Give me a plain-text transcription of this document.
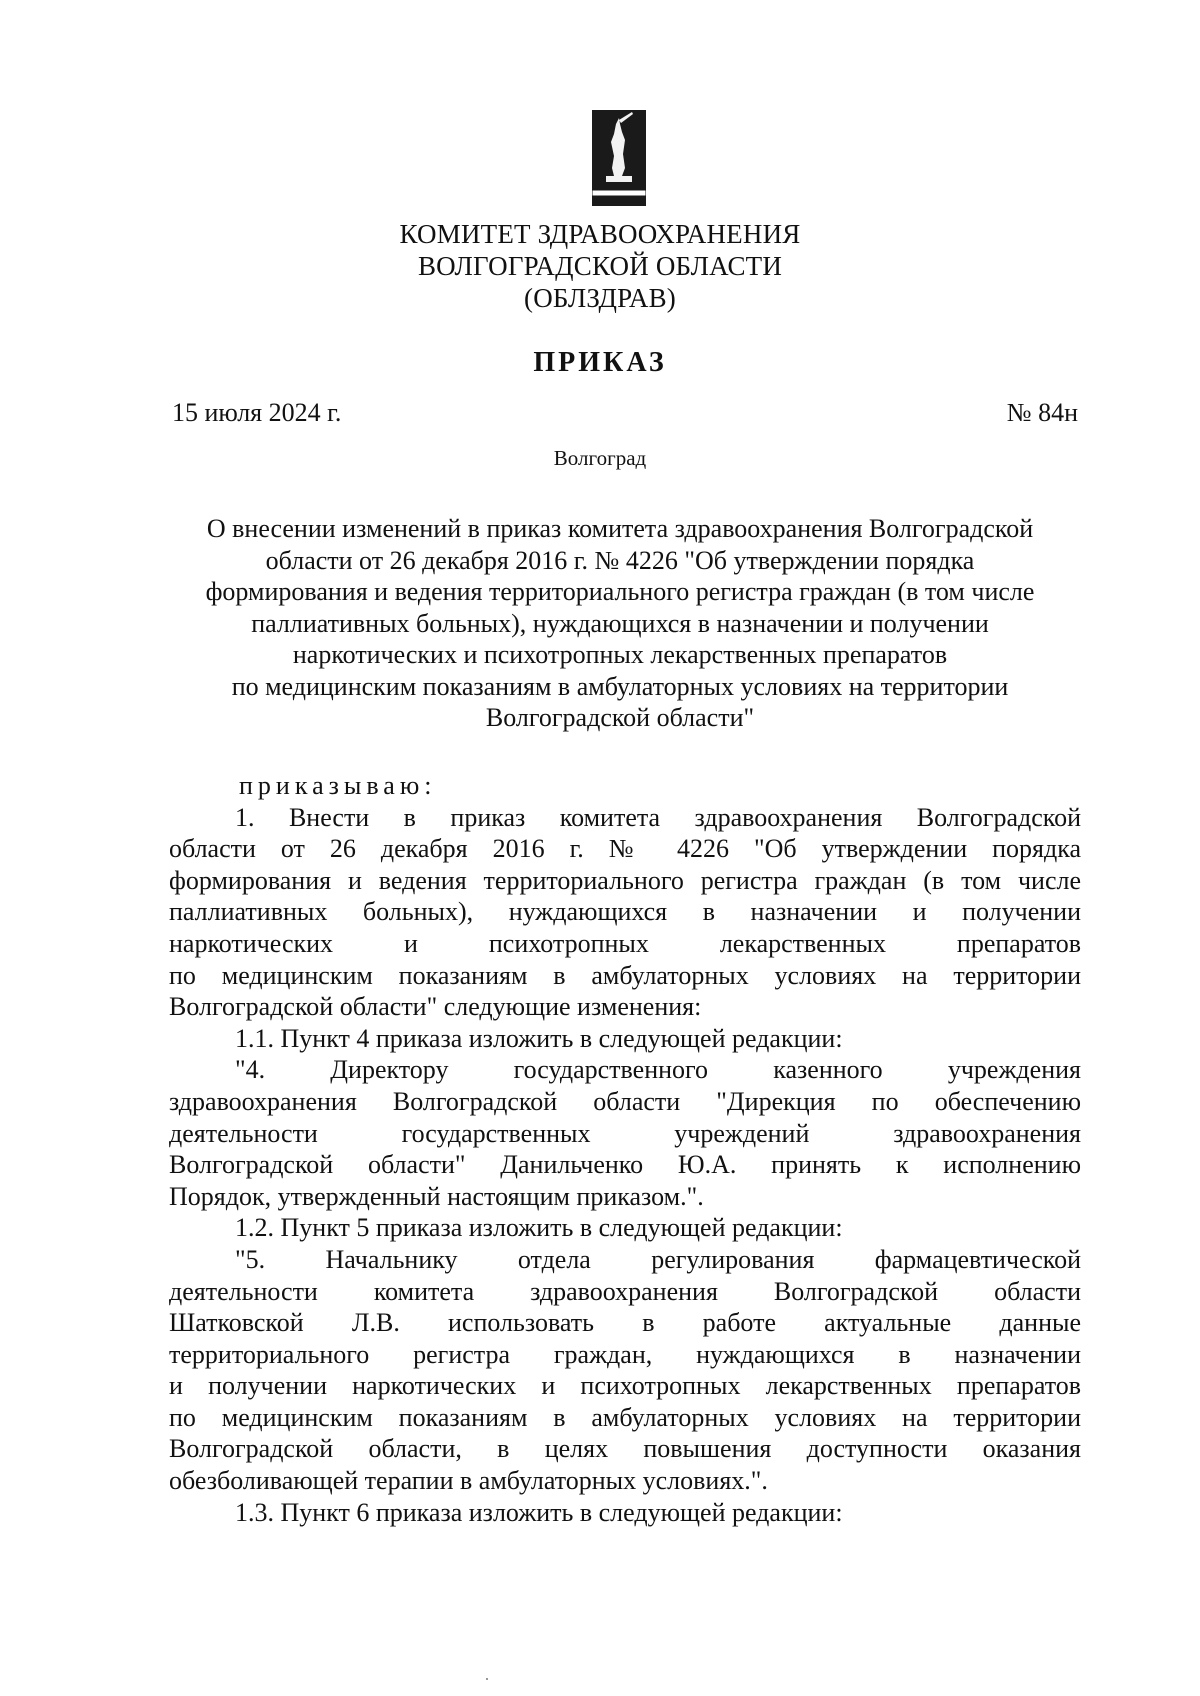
КОМИТЕТ ЗДРАВООХРАНЕНИЯ
ВОЛГОГРАДСКОЙ ОБЛАСТИ
(ОБЛЗДРАВ)
ПРИКАЗ
15 июля 2024 г.	№ 84н
Волгоград
О внесении изменений в приказ комитета здравоохранения Волгоградской
области от 26 декабря 2016 г. № 4226 "Об утверждении порядка
формирования и ведения территориального регистра граждан (в том числе
паллиативных больных), нуждающихся в назначении и получении
наркотических и психотропных лекарственных препаратов
по медицинским показаниям в амбулаторных условиях на территории
Волгоградской области"
приказываю:
1. Внести в приказ комитета здравоохранения Волгоградской
области от 26 декабря 2016 г. № 4226 "Об утверждении порядка
формирования и ведения территориального регистра граждан (в том числе
паллиативных больных), нуждающихся в назначении и получении
наркотических и психотропных лекарственных препаратов
по медицинским показаниям в амбулаторных условиях на территории
Волгоградской области" следующие изменения:
1.1. Пункт 4 приказа изложить в следующей редакции:
"4. Директору государственного казенного учреждения
здравоохранения Волгоградской области "Дирекция по обеспечению
деятельности государственных учреждений здравоохранения
Волгоградской области" Данильченко Ю.А. принять к исполнению
Порядок, утвержденный настоящим приказом.".
1.2. Пункт 5 приказа изложить в следующей редакции:
"5. Начальнику отдела регулирования фармацевтической
деятельности комитета здравоохранения Волгоградской области
Шатковской Л.В. использовать в работе актуальные данные
территориального регистра граждан, нуждающихся в назначении
и получении наркотических и психотропных лекарственных препаратов
по медицинским показаниям в амбулаторных условиях на территории
Волгоградской области, в целях повышения доступности оказания
обезболивающей терапии в амбулаторных условиях.".
1.3. Пункт 6 приказа изложить в следующей редакции:
